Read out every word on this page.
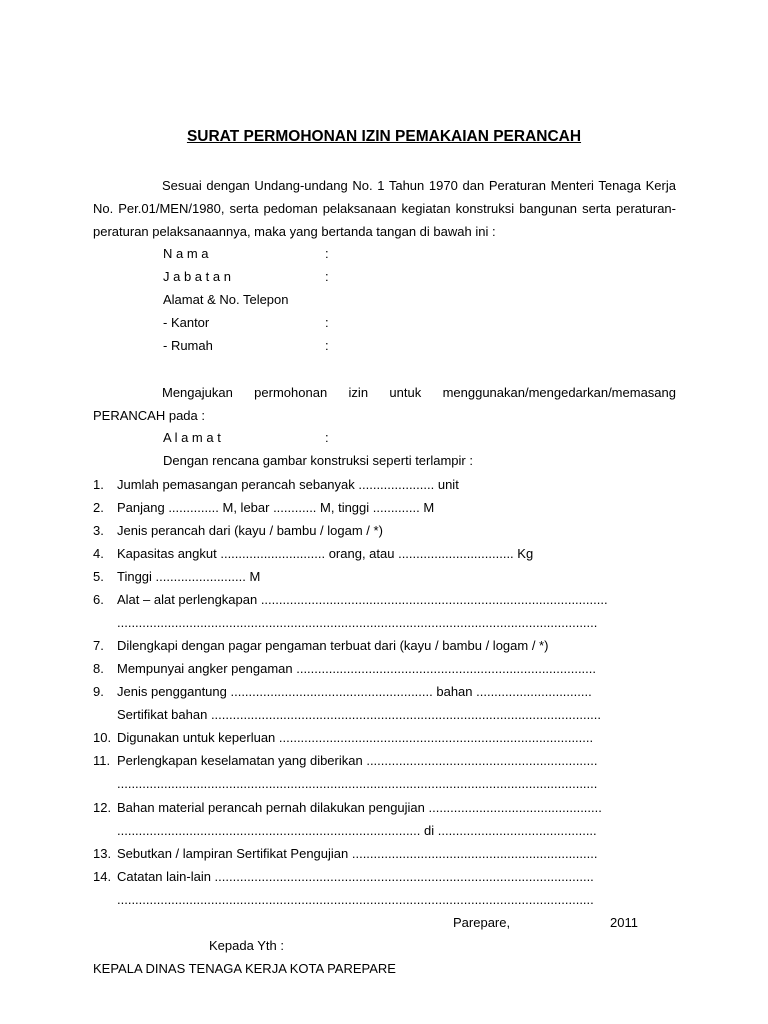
SURAT PERMOHONAN IZIN PEMAKAIAN PERANCAH

Sesuai dengan Undang-undang No. 1 Tahun 1970 dan Peraturan Menteri Tenaga Kerja No. Per.01/MEN/1980, serta pedoman pelaksanaan kegiatan konstruksi bangunan serta peraturan-peraturan pelaksanaannya, maka yang bertanda tangan di bawah ini :

N a m a	:
J a b a t a n	:
Alamat & No. Telepon
- Kantor	:
- Rumah	:

Mengajukan permohonan izin untuk menggunakan/mengedarkan/memasang PERANCAH pada :

A l a m a t	:
Dengan rencana gambar konstruksi seperti terlampir :
1. Jumlah pemasangan perancah sebanyak ..................... unit
2. Panjang .............. M, lebar ............ M, tinggi ............. M
3. Jenis perancah dari (kayu / bambu / logam / *)
4. Kapasitas angkut ............................. orang, atau ................................ Kg
5. Tinggi ......................... M
6. Alat – alat perlengkapan ................................................................................................
.....................................................................................................................................
7. Dilengkapi dengan pagar pengaman terbuat dari (kayu / bambu / logam / *)
8. Mempunyai angker pengaman ...................................................................................
9. Jenis penggantung ........................................................ bahan ................................
Sertifikat bahan ............................................................................................................
10. Digunakan untuk keperluan .......................................................................................
11. Perlengkapan keselamatan yang diberikan ................................................................
.....................................................................................................................................
12. Bahan material perancah pernah dilakukan pengujian ................................................
.................................................................................... di ............................................
13. Sebutkan / lampiran Sertifikat Pengujian ....................................................................
14. Catatan lain-lain .........................................................................................................
....................................................................................................................................
Parepare,	2011
Kepada Yth :
KEPALA DINAS TENAGA KERJA KOTA PAREPARE
